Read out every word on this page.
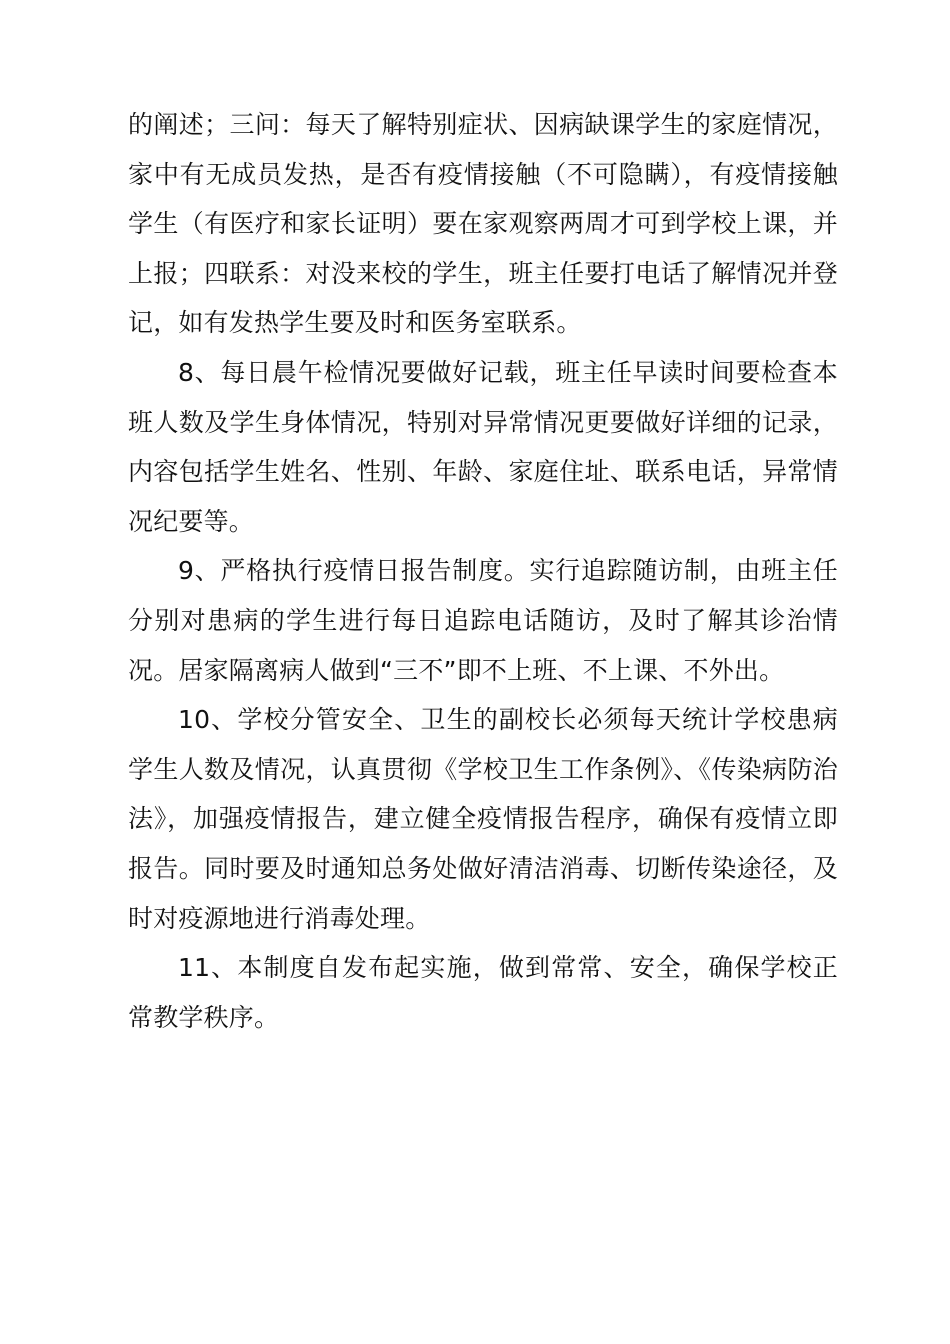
的阐述；三问：每天了解特别症状、因病缺课学生的家庭情况，家中有无成员发热，是否有疫情接触（不可隐瞒），有疫情接触学生（有医疗和家长证明）要在家观察两周才可到学校上课，并上报；四联系：对没来校的学生，班主任要打电话了解情况并登记，如有发热学生要及时和医务室联系。

8、每日晨午检情况要做好记载，班主任早读时间要检查本班人数及学生身体情况，特别对异常情况更要做好详细的记录，内容包括学生姓名、性别、年龄、家庭住址、联系电话，异常情况纪要等。

9、严格执行疫情日报告制度。实行追踪随访制，由班主任分别对患病的学生进行每日追踪电话随访，及时了解其诊治情况。居家隔离病人做到“三不”即不上班、不上课、不外出。

10、学校分管安全、卫生的副校长必须每天统计学校患病学生人数及情况，认真贯彻《学校卫生工作条例》、《传染病防治法》，加强疫情报告，建立健全疫情报告程序，确保有疫情立即报告。同时要及时通知总务处做好清洁消毒、切断传染途径，及时对疫源地进行消毒处理。

11、本制度自发布起实施，做到常常、安全，确保学校正常教学秩序。
